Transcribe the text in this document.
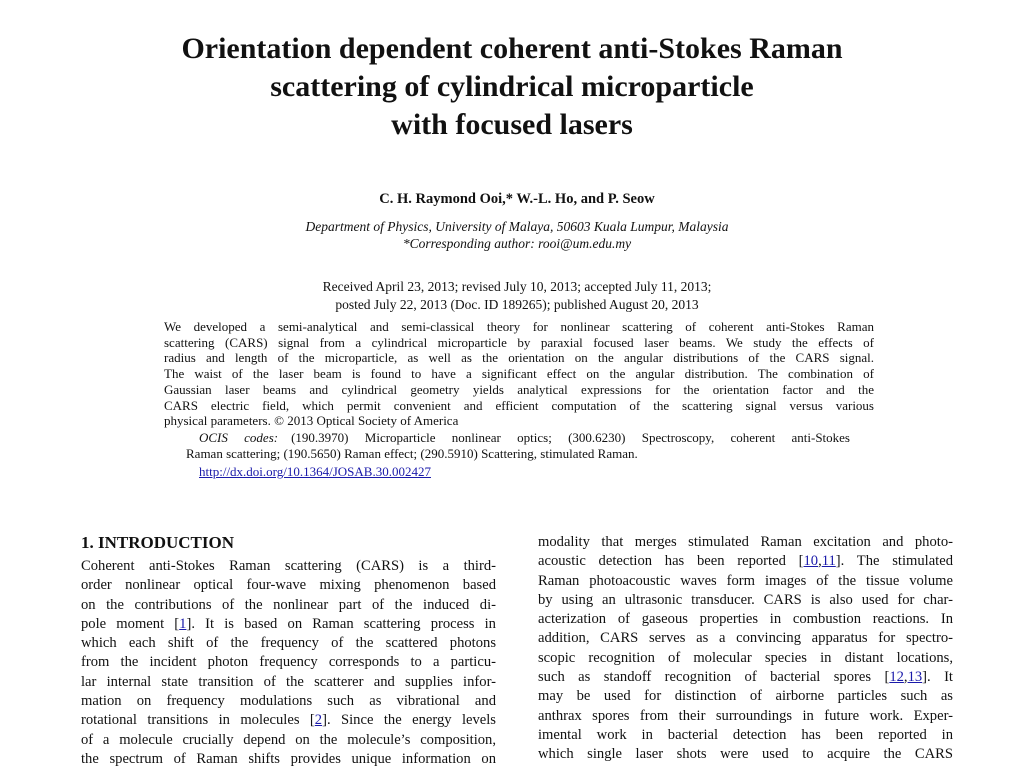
Orientation dependent coherent anti-Stokes Raman
scattering of cylindrical microparticle
with focused lasers
C. H. Raymond Ooi,* W.-L. Ho, and P. Seow
Department of Physics, University of Malaya, 50603 Kuala Lumpur, Malaysia
*Corresponding author: rooi@um.edu.my
Received April 23, 2013; revised July 10, 2013; accepted July 11, 2013;
posted July 22, 2013 (Doc. ID 189265); published August 20, 2013
We developed a semi-analytical and semi-classical theory for nonlinear scattering of coherent anti-Stokes Raman
scattering (CARS) signal from a cylindrical microparticle by paraxial focused laser beams. We study the effects of
radius and length of the microparticle, as well as the orientation on the angular distributions of the CARS signal.
The waist of the laser beam is found to have a significant effect on the angular distribution. The combination of
Gaussian laser beams and cylindrical geometry yields analytical expressions for the orientation factor and the
CARS electric field, which permit convenient and efficient computation of the scattering signal versus various
physical parameters. © 2013 Optical Society of America
OCIS codes:  (190.3970) Microparticle nonlinear optics; (300.6230) Spectroscopy, coherent anti-Stokes
Raman scattering; (190.5650) Raman effect; (290.5910) Scattering, stimulated Raman.
http://dx.doi.org/10.1364/JOSAB.30.002427
1. INTRODUCTION
Coherent anti-Stokes Raman scattering (CARS) is a third-
order nonlinear optical four-wave mixing phenomenon based
on the contributions of the nonlinear part of the induced di-
pole moment [1]. It is based on Raman scattering process in
which each shift of the frequency of the scattered photons
from the incident photon frequency corresponds to a particu-
lar internal state transition of the scatterer and supplies infor-
mation on frequency modulations such as vibrational and
rotational transitions in molecules [2]. Since the energy levels
of a molecule crucially depend on the molecule’s composition,
the spectrum of Raman shifts provides unique information on
modality that merges stimulated Raman excitation and photo-
acoustic detection has been reported [10,11]. The stimulated
Raman photoacoustic waves form images of the tissue volume
by using an ultrasonic transducer. CARS is also used for char-
acterization of gaseous properties in combustion reactions. In
addition, CARS serves as a convincing apparatus for spectro-
scopic recognition of molecular species in distant locations,
such as standoff recognition of bacterial spores [12,13]. It
may be used for distinction of airborne particles such as
anthrax spores from their surroundings in future work. Exper-
imental work in bacterial detection has been reported in
which single laser shots were used to acquire the CARS
